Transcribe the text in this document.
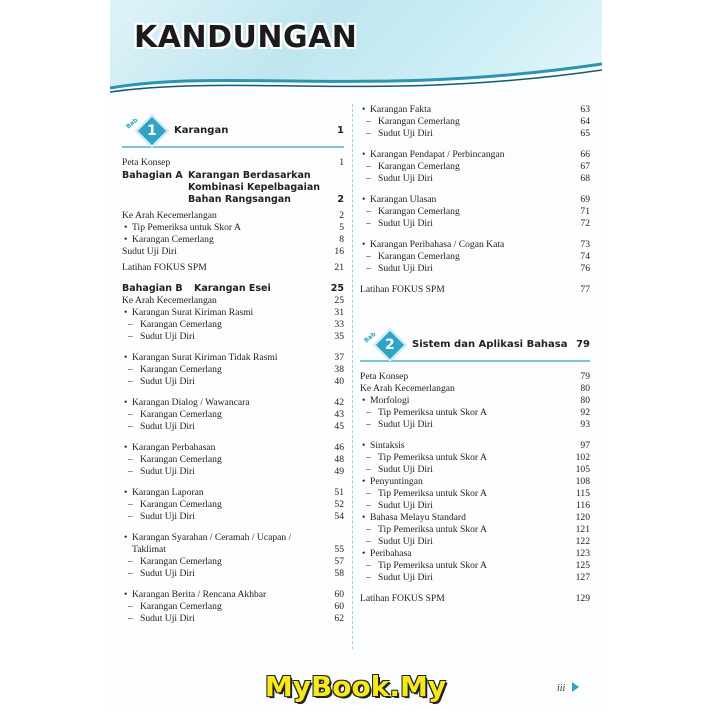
KANDUNGAN
Bab 1 Karangan	1
Peta Konsep	1
Bahagian A Karangan Berdasarkan
Kombinasi Kepelbagaian
Bahan Rangsangan	2
Ke Arah Kecemerlangan	2
• Tip Pemeriksa untuk Skor A	5
• Karangan Cemerlang	8
Sudut Uji Diri	16
Latihan FOKUS SPM	21
Bahagian B	Karangan Esei	25
Ke Arah Kecemerlangan	25
• Karangan Surat Kiriman Rasmi	31
– Karangan Cemerlang	33
– Sudut Uji Diri	35
• Karangan Surat Kiriman Tidak Rasmi	37
– Karangan Cemerlang	38
– Sudut Uji Diri	40
• Karangan Dialog / Wawancara	42
– Karangan Cemerlang	43
– Sudut Uji Diri	45
• Karangan Perbahasan	46
– Karangan Cemerlang	48
– Sudut Uji Diri	49
• Karangan Laporan	51
– Karangan Cemerlang	52
– Sudut Uji Diri	54
• Karangan Syarahan / Ceramah / Ucapan /
Taklimat	55
– Karangan Cemerlang	57
– Sudut Uji Diri	58
• Karangan Berita / Rencana Akhbar	60
– Karangan Cemerlang	60
– Sudut Uji Diri	62
• Karangan Fakta	63
– Karangan Cemerlang	64
– Sudut Uji Diri	65
• Karangan Pendapat / Perbincangan	66
– Karangan Cemerlang	67
– Sudut Uji Diri	68
• Karangan Ulasan	69
– Karangan Cemerlang	71
– Sudut Uji Diri	72
• Karangan Peribahasa / Cogan Kata	73
– Karangan Cemerlang	74
– Sudut Uji Diri	76
Latihan FOKUS SPM	77
Bab 2 Sistem dan Aplikasi Bahasa 79
Peta Konsep	79
Ke Arah Kecemerlangan	80
• Morfologi	80
– Tip Pemeriksa untuk Skor A	92
– Sudut Uji Diri	93
• Sintaksis	97
– Tip Pemeriksa untuk Skor A	102
– Sudut Uji Diri	105
• Penyuntingan	108
– Tip Pemeriksa untuk Skor A	115
– Sudut Uji Diri	116
• Bahasa Melayu Standard	120
– Tip Pemeriksa untuk Skor A	121
– Sudut Uji Diri	122
• Peribahasa	123
– Tip Pemeriksa untuk Skor A	125
– Sudut Uji Diri	127
Latihan FOKUS SPM	129
iii
MyBook.My
